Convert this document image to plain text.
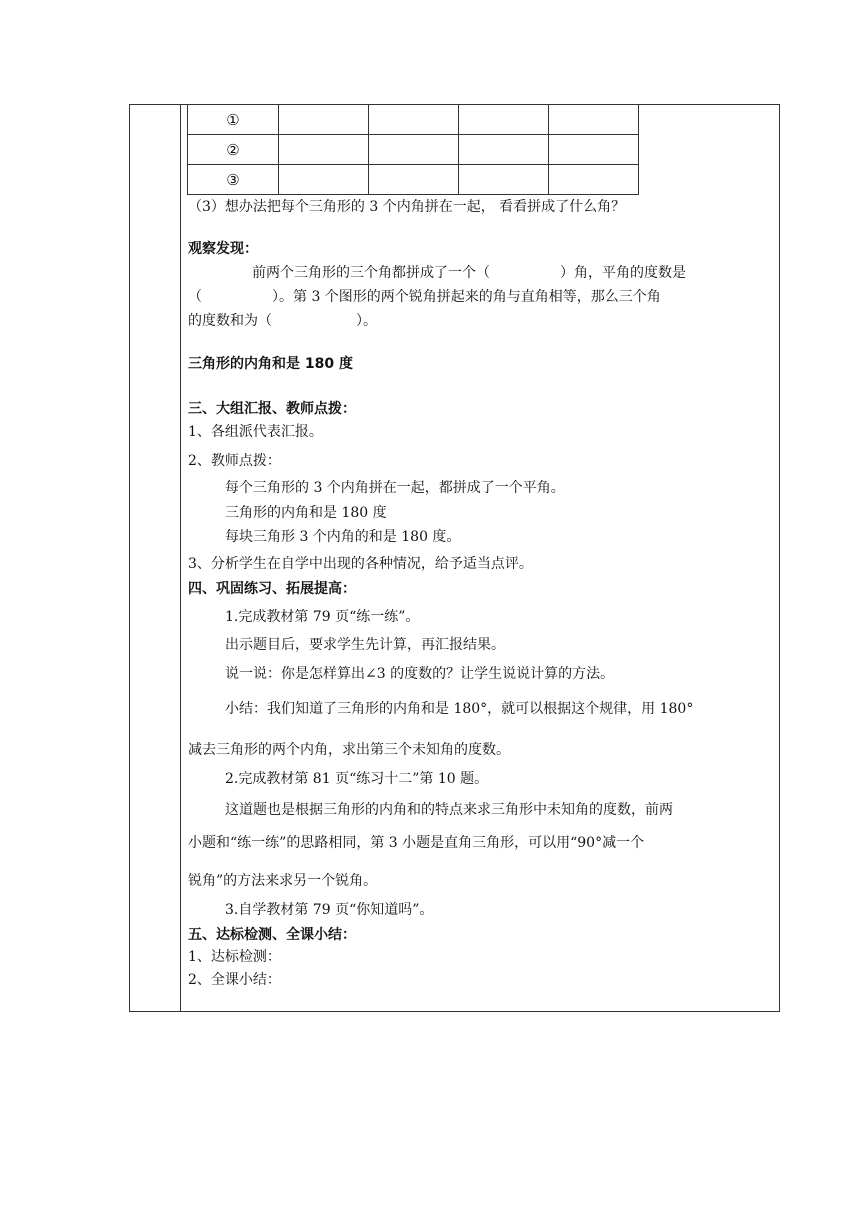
①				
②				
③				
（3）想办法把每个三角形的 3 个内角拼在一起， 看看拼成了什么角？
观察发现：
前两个三角形的三个角都拼成了一个（　　　　　）角，平角的度数是
（　　　　　）。第 3 个图形的两个锐角拼起来的角与直角相等，那么三个角
的度数和为（　　　　　　）。
三角形的内角和是 180 度
三、大组汇报、教师点拨：
1、各组派代表汇报。
2、教师点拨：
每个三角形的 3 个内角拼在一起，都拼成了一个平角。
三角形的内角和是 180 度
每块三角形 3 个内角的和是 180 度。
3、分析学生在自学中出现的各种情况，给予适当点评。
四、巩固练习、拓展提高：
1.完成教材第 79 页“练一练”。
出示题目后，要求学生先计算，再汇报结果。
说一说：你是怎样算出∠3 的度数的？让学生说说计算的方法。
小结：我们知道了三角形的内角和是 180°，就可以根据这个规律，用 180°
减去三角形的两个内角，求出第三个未知角的度数。
2.完成教材第 81 页“练习十二”第 10 题。
这道题也是根据三角形的内角和的特点来求三角形中未知角的度数，前两
小题和“练一练”的思路相同，第 3 小题是直角三角形，可以用“90°减一个
锐角”的方法来求另一个锐角。
3.自学教材第 79 页“你知道吗”。
五、达标检测、全课小结：
1、达标检测：
2、全课小结：
